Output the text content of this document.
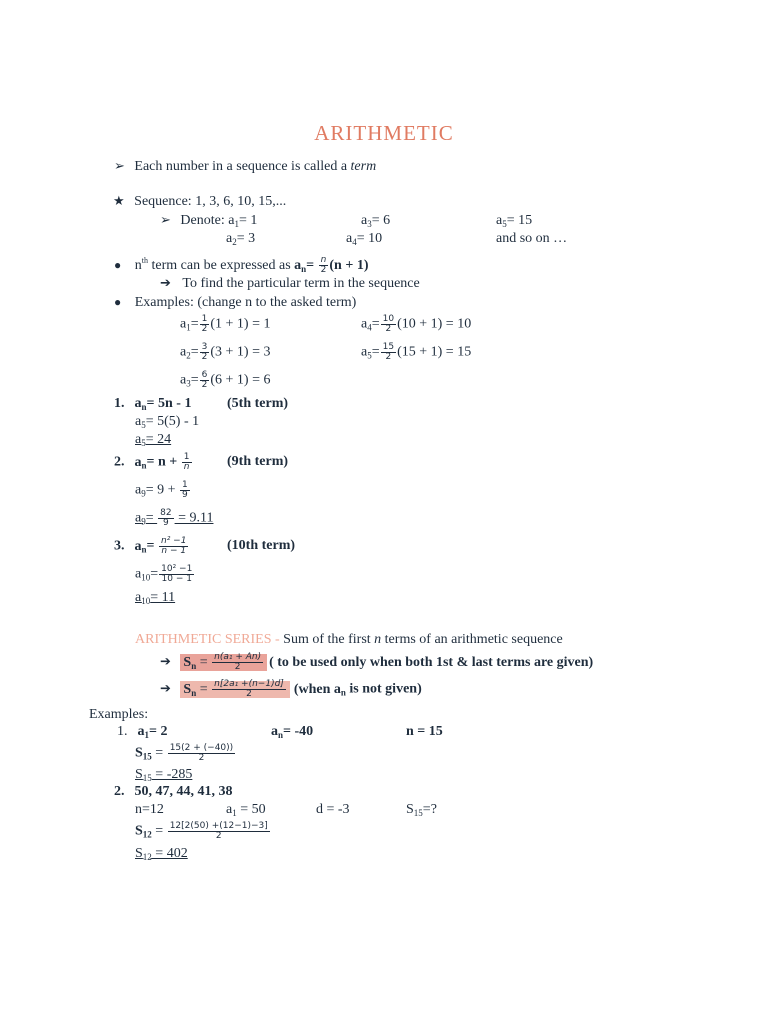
ARITHMETIC
➢ Each number in a sequence is called a term
★ Sequence: 1, 3, 6, 10, 15,...
➢ Denote: $a_1= 1$	$a_3= 6$	$a_5= 15$
$a_2= 3$	$a_4= 10$	and so on …
● $n^{th}$ term can be expressed as $a_n= \frac{n}{2} (n + 1)$
➔ To find the particular term in the sequence
● Examples: (change n to the asked term)
$a_1= \frac{1}{2} (1 + 1) = 1$	$a_4= \frac{10}{2} (10 + 1) = 10$
$a_2= \frac{3}{2} (3 + 1) = 3$	$a_5= \frac{15}{2} (15 + 1) = 15$
$a_3= \frac{6}{2} (6 + 1) = 6$
1. $a_n= 5n - 1$	(5th term)
$a_5= 5(5) - 1$
$a_5= 24$
2. $a_n= n + \frac{1}{n}$	(9th term)
$a_9= 9 + \frac{1}{9}$
$a_9= \frac{82}{9} = 9.11$
3. $a_n= \frac{\text{n² −1}}{n - 1}$	(10th term)
$a_{10}= \frac{\text{10² −1}}{10 - 1}$
$a_{10}= 11$
ARITHMETIC SERIES - Sum of the first n terms of an arithmetic sequence
➔ $S_n = \frac{\text{n(a₁ + An)}}{2}$ ( to be used only when both 1st & last terms are given)
➔ $S_n = \frac{\text{n[2a₁ +(n−1)d]}}{2}$ (when $a_n$ is not given)
Examples:
1. $a_1= 2$	$a_n= -40$	n = 15
$S_{15} = \frac{15(2 + (-40))}{2}$
$S_{15} = -285$
2. 50, 47, 44, 41, 38
n=12	$a_1 = 50$	d = -3	$S_{15}=$?
$S_{12} = \frac{12[2(50) +(12-1)-3]}{2}$
$S_{12} = 402$
